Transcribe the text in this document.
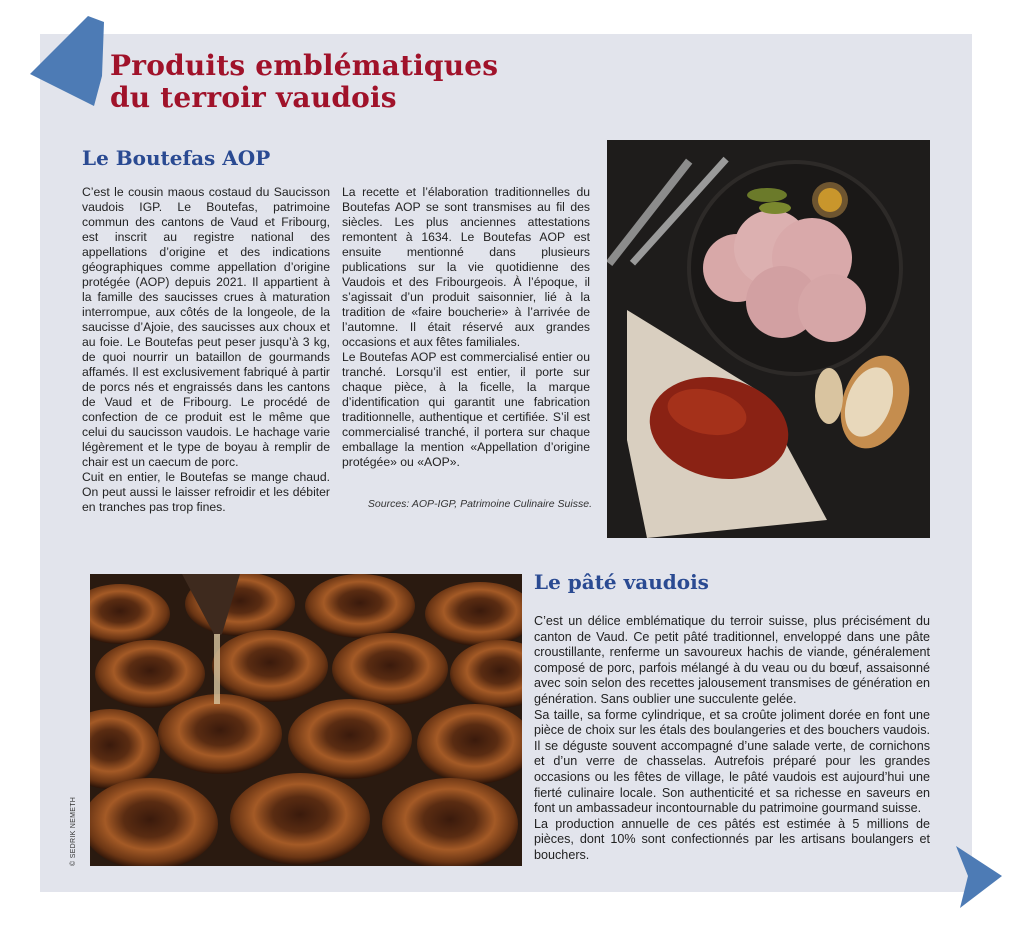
Produits emblématiques
du terroir vaudois
Le Boutefas AOP

C’est le cousin maous costaud du Saucisson vaudois IGP. Le Boutefas, patrimoine commun des cantons de Vaud et Fribourg, est inscrit au registre national des appellations d’origine et des indications géographiques comme appellation d’origine protégée (AOP) depuis 2021. Il appartient à la famille des saucisses crues à maturation interrompue, aux côtés de la longeole, de la saucisse d’Ajoie, des saucisses aux choux et au foie. Le Boutefas peut peser jusqu’à 3 kg, de quoi nourrir un bataillon de gourmands affamés. Il est exclusivement fabriqué à partir de porcs nés et engraissés dans les cantons de Vaud et de Fribourg. Le procédé de confection de ce produit est le même que celui du saucisson vaudois. Le hachage varie légèrement et le type de boyau à remplir de chair est un caecum de porc.

Cuit en entier, le Boutefas se mange chaud. On peut aussi le laisser refroidir et les débiter en tranches pas trop fines.

La recette et l’élaboration traditionnelles du Boutefas AOP se sont transmises au fil des siècles. Les plus anciennes attestations remontent à 1634. Le Boutefas AOP est ensuite mentionné dans plusieurs publications sur la vie quotidienne des Vaudois et des Fribourgeois. À l’époque, il s’agissait d’un produit saisonnier, lié à la tradition de «faire boucherie» à l’arrivée de l’automne. Il était réservé aux grandes occasions et aux fêtes familiales.

Le Boutefas AOP est commercialisé entier ou tranché. Lorsqu’il est entier, il porte sur chaque pièce, à la ficelle, la marque d’identification qui garantit une fabrication traditionnelle, authentique et certifiée. S’il est commercialisé tranché, il portera sur chaque emballage la mention «Appellation d’origine protégée» ou «AOP».

Sources: AOP-IGP, Patrimoine Culinaire Suisse.
Le pâté vaudois

C’est un délice emblématique du terroir suisse, plus précisément du canton de Vaud. Ce petit pâté traditionnel, enveloppé dans une pâte croustillante, renferme un savoureux hachis de viande, généralement composé de porc, parfois mélangé à du veau ou du bœuf, assaisonné avec soin selon des recettes jalousement transmises de génération en génération. Sans oublier une succulente gelée.

Sa taille, sa forme cylindrique, et sa croûte joliment dorée en font une pièce de choix sur les étals des boulangeries et des bouchers vaudois. Il se déguste souvent accompagné d’une salade verte, de cornichons et d’un verre de chasselas. Autrefois préparé pour les grandes occasions ou les fêtes de village, le pâté vaudois est aujourd’hui une fierté culinaire locale. Son authenticité et sa richesse en saveurs en font un ambassadeur incontournable du patrimoine gourmand suisse.

La production annuelle de ces pâtés est estimée à 5 millions de pièces, dont 10% sont confectionnés par les artisans boulangers et bouchers.

© SEDRIK NEMETH
